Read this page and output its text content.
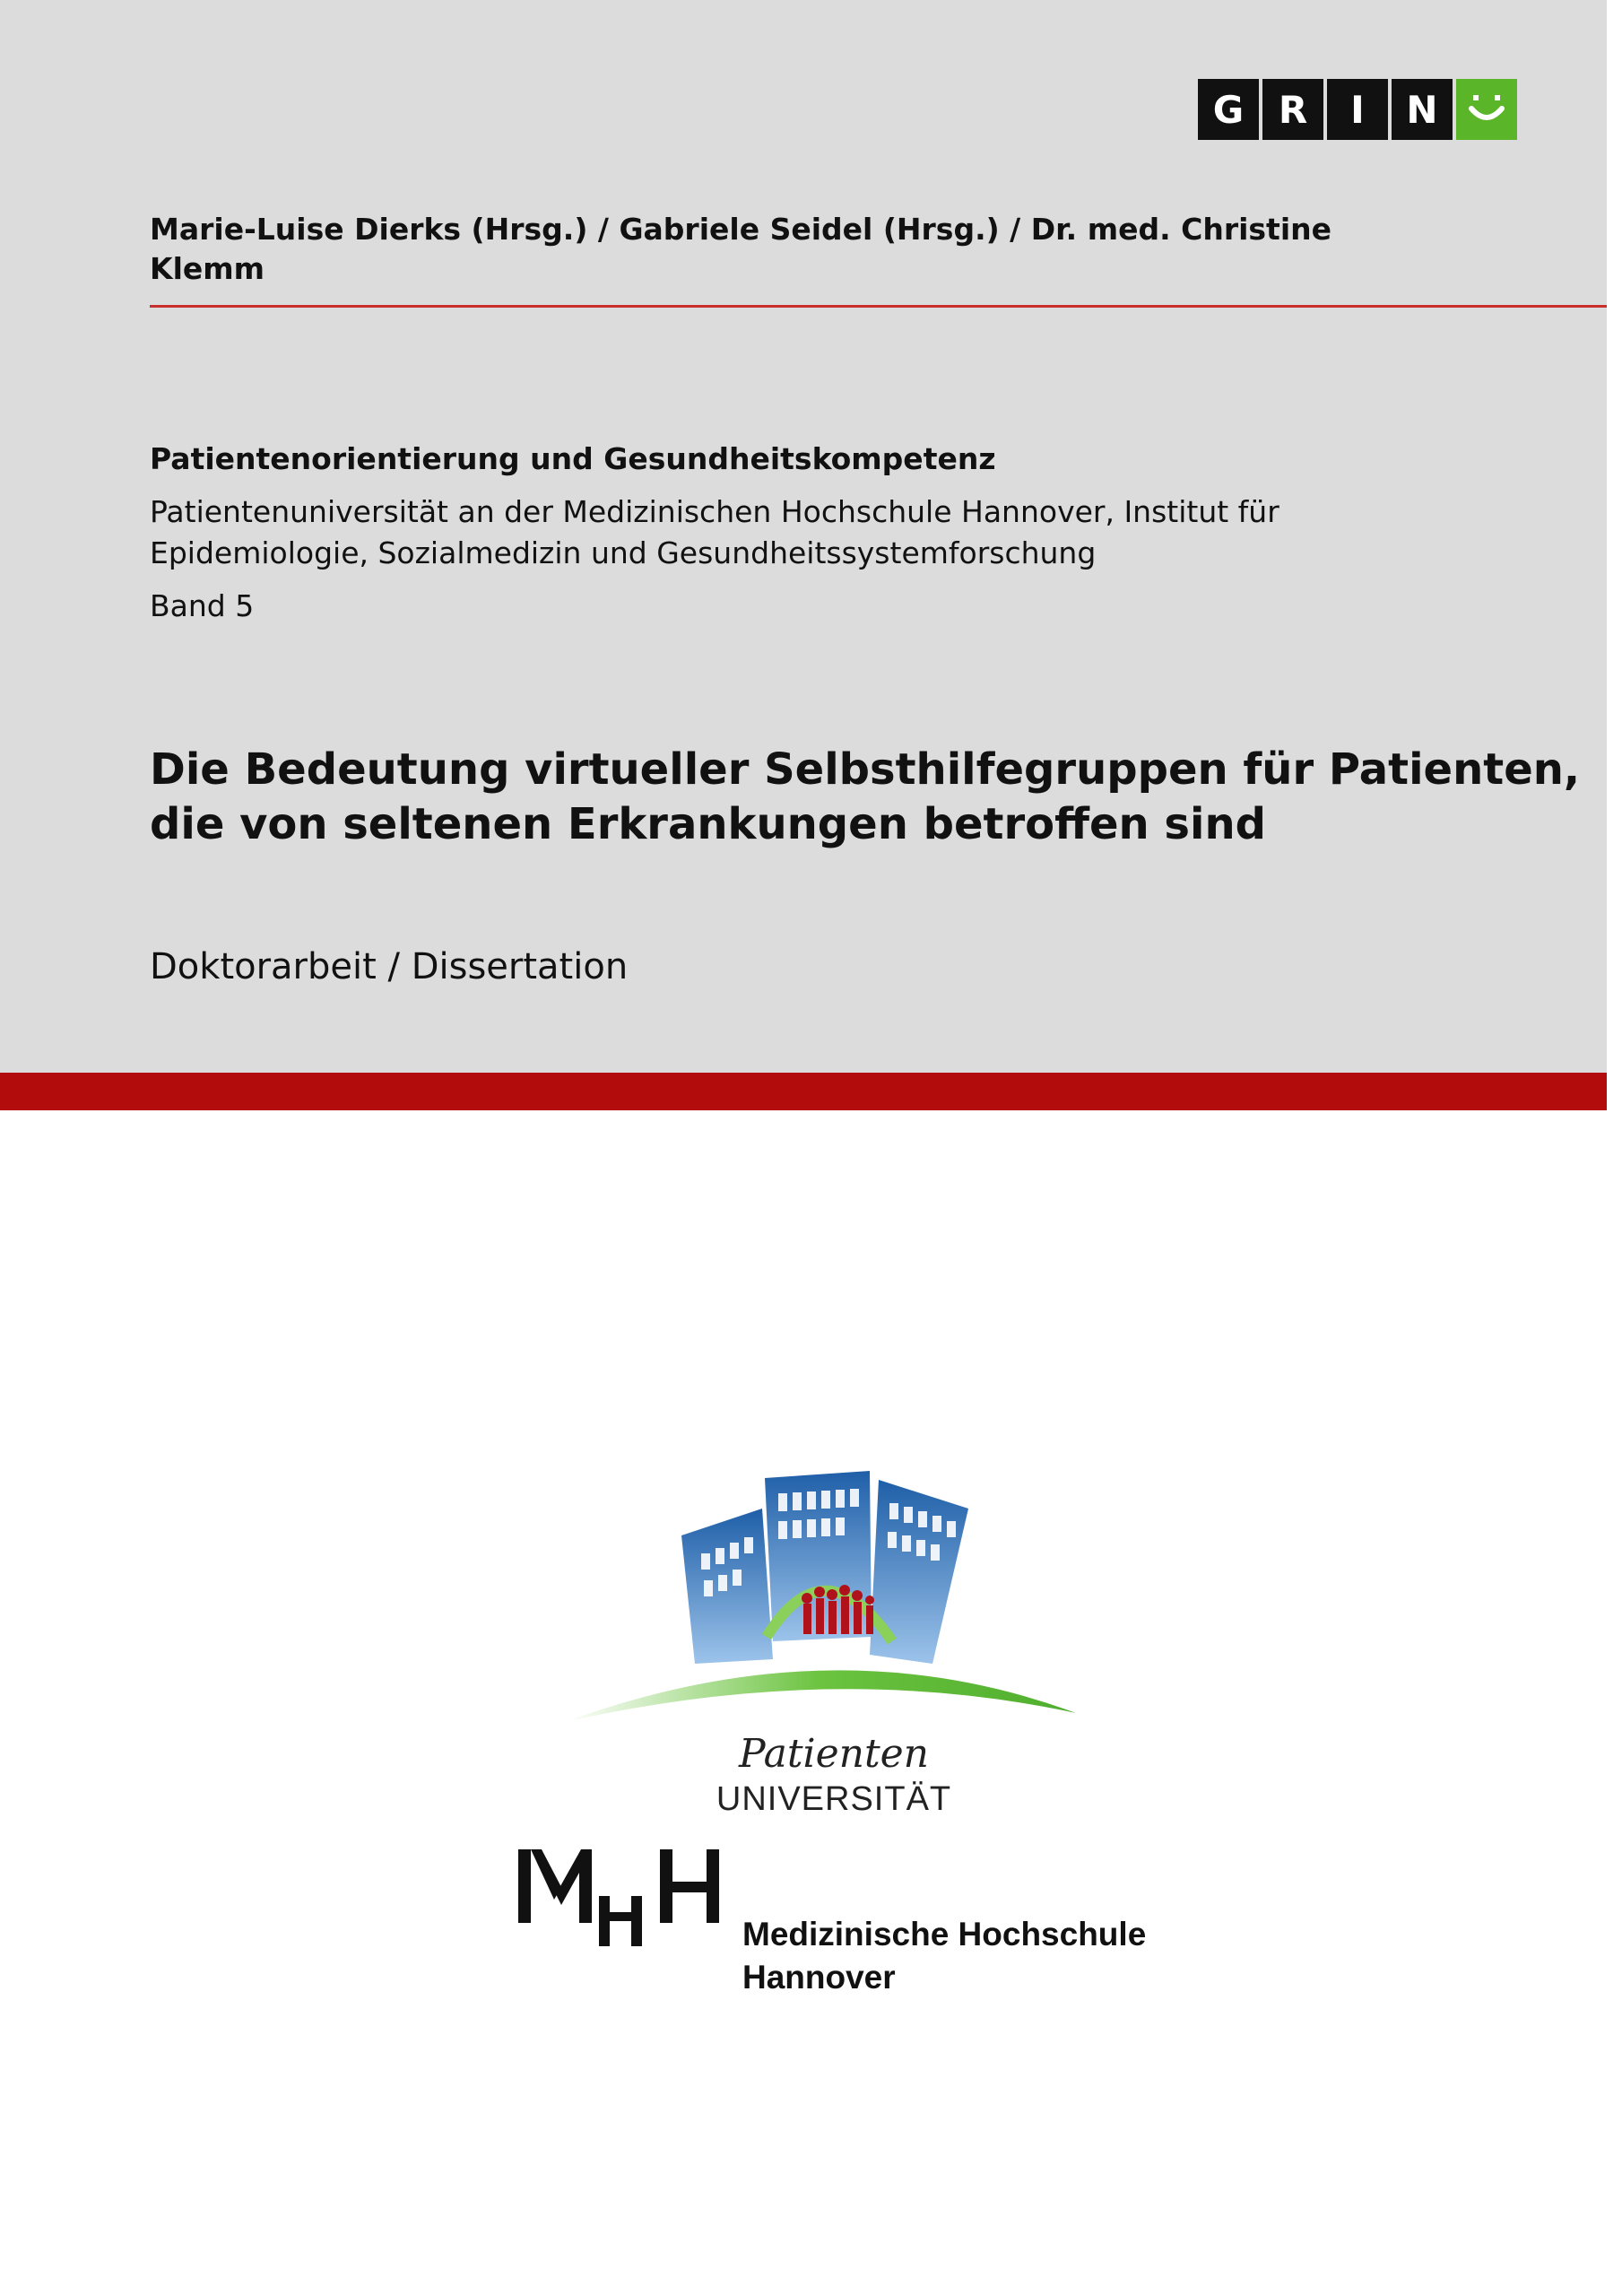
G R	I	N
Marie-Luise Dierks (Hrsg.) / Gabriele Seidel (Hrsg.) / Dr. med. Christine Klemm
Patientenorientierung und Gesundheitskompetenz
Patientenuniversität an der Medizinischen Hochschule Hannover, Institut für Epidemiologie, Sozialmedizin und Gesundheitssystemforschung
Band 5
Die Bedeutung virtueller Selbsthilfegruppen für Patienten, die von seltenen Erkrankungen betroffen sind
Doktorarbeit / Dissertation
Patienten
UNIVERSITÄT
Medizinische Hochschule
Hannover
